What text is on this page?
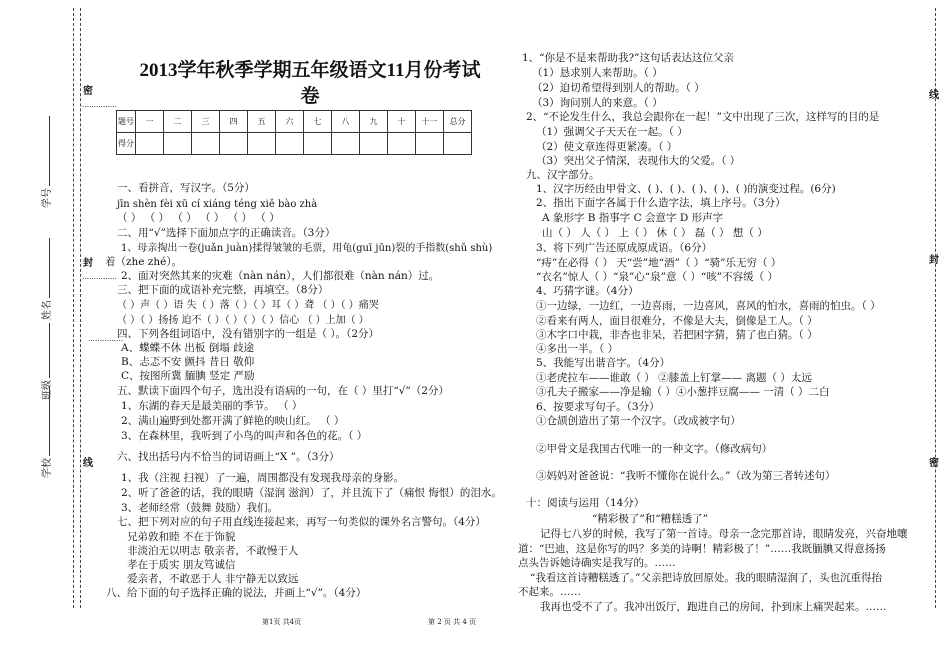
密
封
线
……………
……………
……………
学号
姓名
班级
学校
线
封
密
2013学年秋季学期五年级语文11月份考试
卷
题号	一	二	三	四	五	六	七	八	九	十	十一	总分
得分												
一、看拼音，写汉字。（5分）
jīn shèn fèi xū cí xiáng téng xiě bào zhà
（ ） （ ） （ ） （ ） （ ） （ ）
二、用“√”选择下面加点字的正确读音。（3分）
1、母亲掏出一卷(juǎn juàn)揉得皱皱的毛票，用龟(guī jūn)裂的手指数(shǔ shù)
着（zhe zhé）。
2、面对突然其来的灾难（nàn nán），人们都很难（nàn nán）过。
三、把下面的成语补充完整，再填空。（8分）
（ ）声（ ）语 失（ ）落（ ）（ ）耳（ ）聋 （ ）（ ）痛哭
（ ）（ ）扬扬 迫不（ ）（ ）（ ）（ ）信心 （ ）上加（ ）
四、下列各组词语中，没有错别字的一组是（ ）。（2分）
A、蝶蝶不休 出板 倒塌 歧途
B、忐忑不安 颤抖 昔日 敬仰
C、按图所冀 腼腆 竖定 严励
五、默读下面四个句子，选出没有语病的一句，在（ ）里打“√”（2分）
1、东湖的春天是最美丽的季节。 （ ）
2、满山遍野到处都开满了鲜艳的映山红。 （ ）
3、在森林里，我听到了小鸟的叫声和各色的花。（ ）
六、找出括号内不恰当的词语画上“X ”。（3分）
1、我（注视 扫视）了一遍，周围都没有发现我母亲的身影。
2、听了爸爸的话，我的眼睛（湿润 滋润）了，并且流下了（痛恨 悔恨）的泪水。
3、老师经常（鼓舞 鼓励）我们。
七、把下列对应的句子用直线连接起来，再写一句类似的课外名言警句。（4分）
兄弟敦和睦 不在于饰貌
非淡泊无以明志 敬亲者，不敢慢于人
孝在于质实 朋友笃诚信
爱亲者，不敢恶于人 非宁静无以致远
八、给下面的句子选择正确的说法，并画上“√”。（4分）
1、“你是不是来帮助我?”这句话表达这位父亲
（1）恳求别人来帮助。（ ）
（2）迫切希望得到别人的帮助。（ ）
（3）询问别人的来意。（ ）
2、“不论发生什么，我总会跟你在一起！”文中出现了三次，这样写的目的是
（1）强调父子天天在一起。（ ）
（2）使文章连得更紧凑。（ ）
（3）突出父子情深，表现伟大的父爱。（ ）
九、汉字部分。
1、汉字历经由甲骨文、( )、( )、( )、( )、( )的演变过程。(6分)
2、指出下面字各属于什么造字法，填上序号。（3分）
A 象形字 B 指事字 C 会意字 D 形声字
山（ ） 人（ ） 上（ ） 休（ ） 磊（ ） 想（ ）
3、将下列广告还原成原成语。（6分）
“痔”在必得（ ） 天“尝”地“酒”（ ）“骑”乐无穷（ ）
“衣名”惊人（ ）“泉”心“泉”意（ ）“咳”不容缓（ ）
4、巧猜字谜。（4分）
①一边绿，一边红，一边喜雨，一边喜风，喜风的怕水，喜雨的怕虫。（ ）
②看来有两人，面目很难分，不像是大夫，倒像是工人。（ ）
③木字口中栽，非杏也非呆，若把困字猜，猜了也白猜。（ ）
④多出一半。（ ）
5、我能写出谐音字。（4分）
①老虎拉车——谁敢（ ） ②膝盖上钉掌—— 离题（ ）太远
③孔夫子搬家——净是输（ ）④小葱拌豆腐—— 一清（ ）二白
6、按要求写句子。（3分）
①仓颉创造出了第一个汉字。（改成被字句）
②甲骨文是我国古代唯一的一种文字。（修改病句）
③妈妈对爸爸说：“我听不懂你在说什么。”（改为第三者转述句）
十：阅读与运用（14分）
“精彩极了”和“糟糕透了”
记得七八岁的时候，我写了第一首诗。母亲一念完那首诗，眼睛发亮，兴奋地嚷
道：“巴迪，这是你写的吗？多美的诗啊！精彩极了！”……我既腼腆又得意扬扬
点头告诉她诗确实是我写的。……
“我看这首诗糟糕透了。”父亲把诗放回原处。我的眼睛湿润了，头也沉重得抬
不起来。……
我再也受不了了。我冲出饭厅，跑进自己的房间，扑到床上痛哭起来。……
第1页 共4页	第 2 页 共 4 页
